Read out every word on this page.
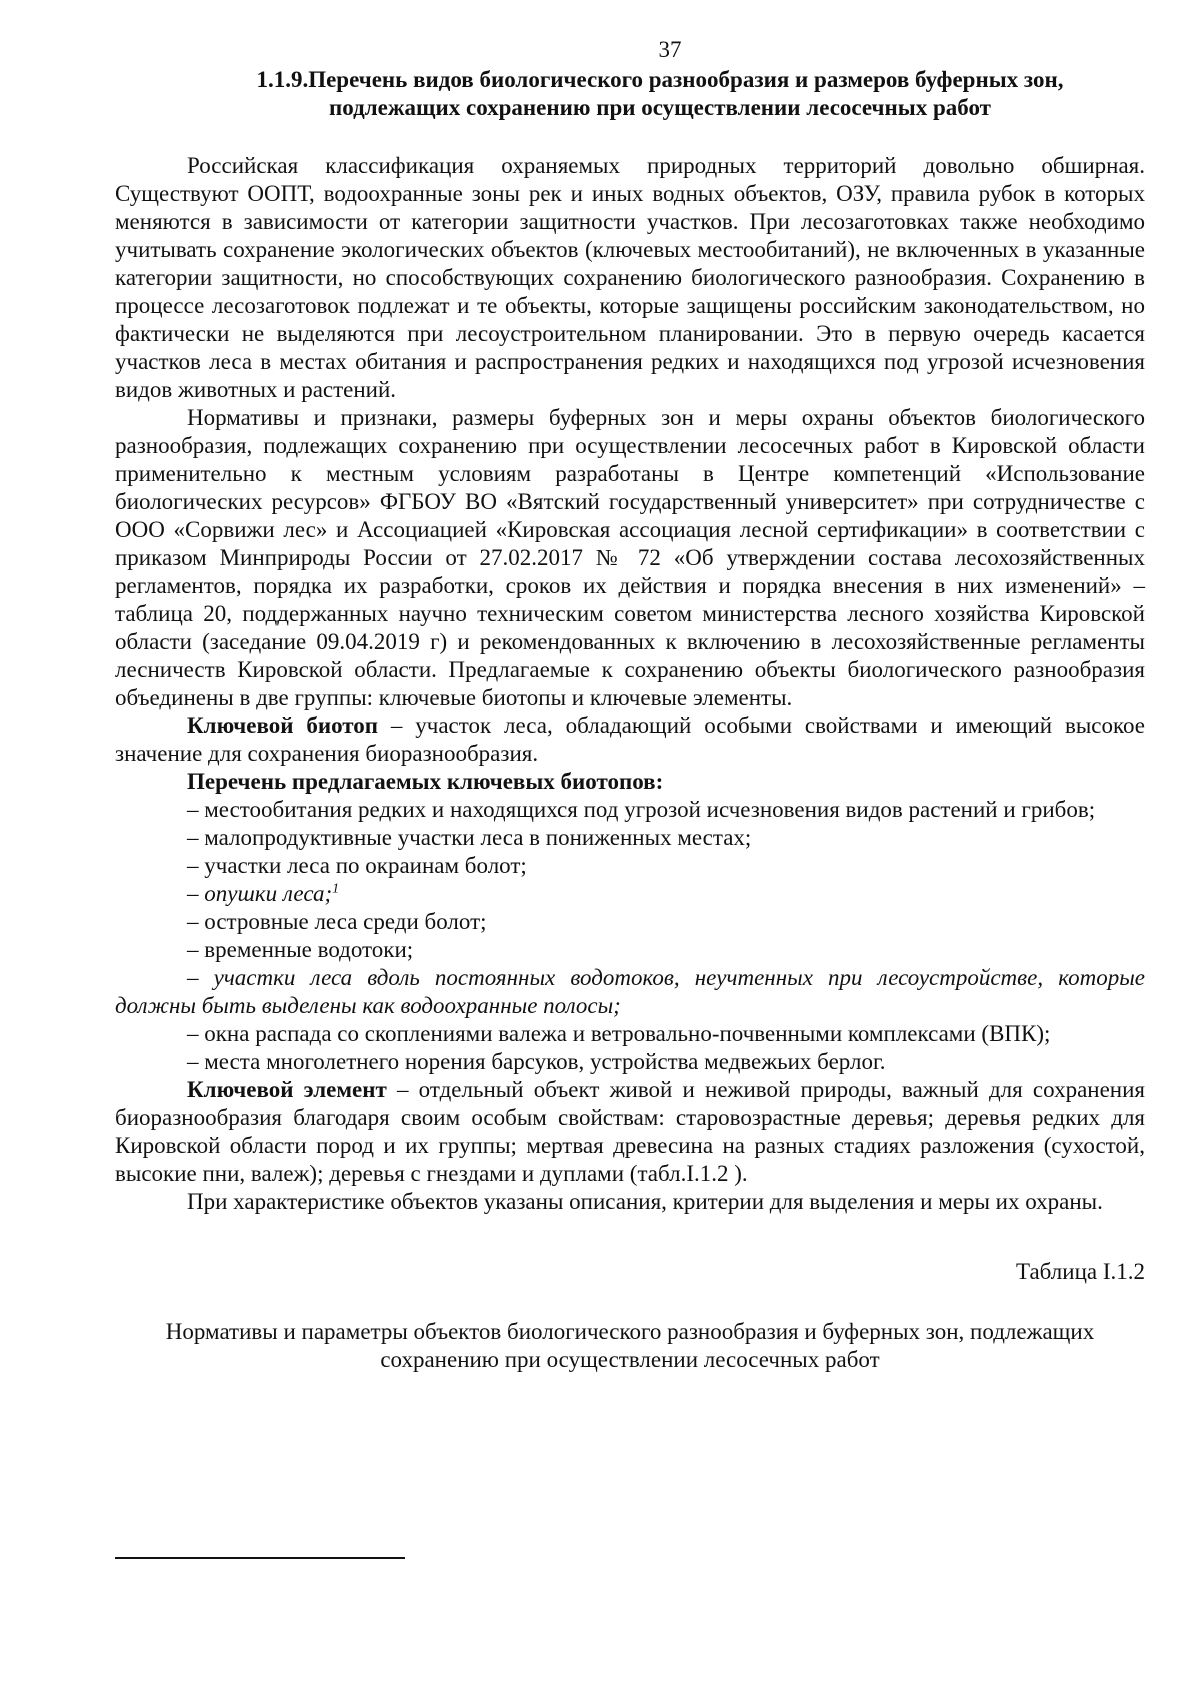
37
1.1.9.Перечень видов биологического разнообразия и размеров буферных зон,
подлежащих сохранению при осуществлении лесосечных работ

Российская классификация охраняемых природных территорий довольно обширная. Существуют ООПТ, водоохранные зоны рек и иных водных объектов, ОЗУ, правила рубок в которых меняются в зависимости от категории защитности участков. При лесозаготовках также необходимо учитывать сохранение экологических объектов (ключевых местообитаний), не включенных в указанные категории защитности, но способствующих сохранению биологического разнообразия. Сохранению в процессе лесозаготовок подлежат и те объекты, которые защищены российским законодательством, но фактически не выделяются при лесоустроительном планировании. Это в первую очередь касается участков леса в местах обитания и распространения редких и находящихся под угрозой исчезновения видов животных и растений.

Нормативы и признаки, размеры буферных зон и меры охраны объектов биологического разнообразия, подлежащих сохранению при осуществлении лесосечных работ в Кировской области применительно к местным условиям разработаны в Центре компетенций «Использование биологических ресурсов» ФГБОУ ВО «Вятский государственный университет» при сотрудничестве с ООО «Сорвижи лес» и Ассоциацией «Кировская ассоциация лесной сертификации» в соответствии с приказом Минприроды России от 27.02.2017 № 72 «Об утверждении состава лесохозяйственных регламентов, порядка их разработки, сроков их действия и порядка внесения в них изменений» – таблица 20, поддержанных научно техническим советом министерства лесного хозяйства Кировской области (заседание 09.04.2019 г) и рекомендованных к включению в лесохозяйственные регламенты лесничеств Кировской области. Предлагаемые к сохранению объекты биологического разнообразия объединены в две группы: ключевые биотопы и ключевые элементы.

Ключевой биотоп – участок леса, обладающий особыми свойствами и имеющий высокое значение для сохранения биоразнообразия.

Перечень предлагаемых ключевых биотопов:

– местообитания редких и находящихся под угрозой исчезновения видов растений и грибов;

– малопродуктивные участки леса в пониженных местах;

– участки леса по окраинам болот;

– опушки леса;$^1$

– островные леса среди болот;

– временные водотоки;

– участки леса вдоль постоянных водотоков, неучтенных при лесоустройстве, которые должны быть выделены как водоохранные полосы;

– окна распада со скоплениями валежа и ветровально-почвенными комплексами (ВПК);

– места многолетнего норения барсуков, устройства медвежьих берлог.

Ключевой элемент – отдельный объект живой и неживой природы, важный для сохранения биоразнообразия благодаря своим особым свойствам: старовозрастные деревья; деревья редких для Кировской области пород и их группы; мертвая древесина на разных стадиях разложения (сухостой, высокие пни, валеж); деревья с гнездами и дуплами (табл.I.1.2 ).

При характеристике объектов указаны описания, критерии для выделения и меры их охраны.

Таблица I.1.2
Нормативы и параметры объектов биологического разнообразия и буферных зон, подлежащих сохранению при осуществлении лесосечных работ
